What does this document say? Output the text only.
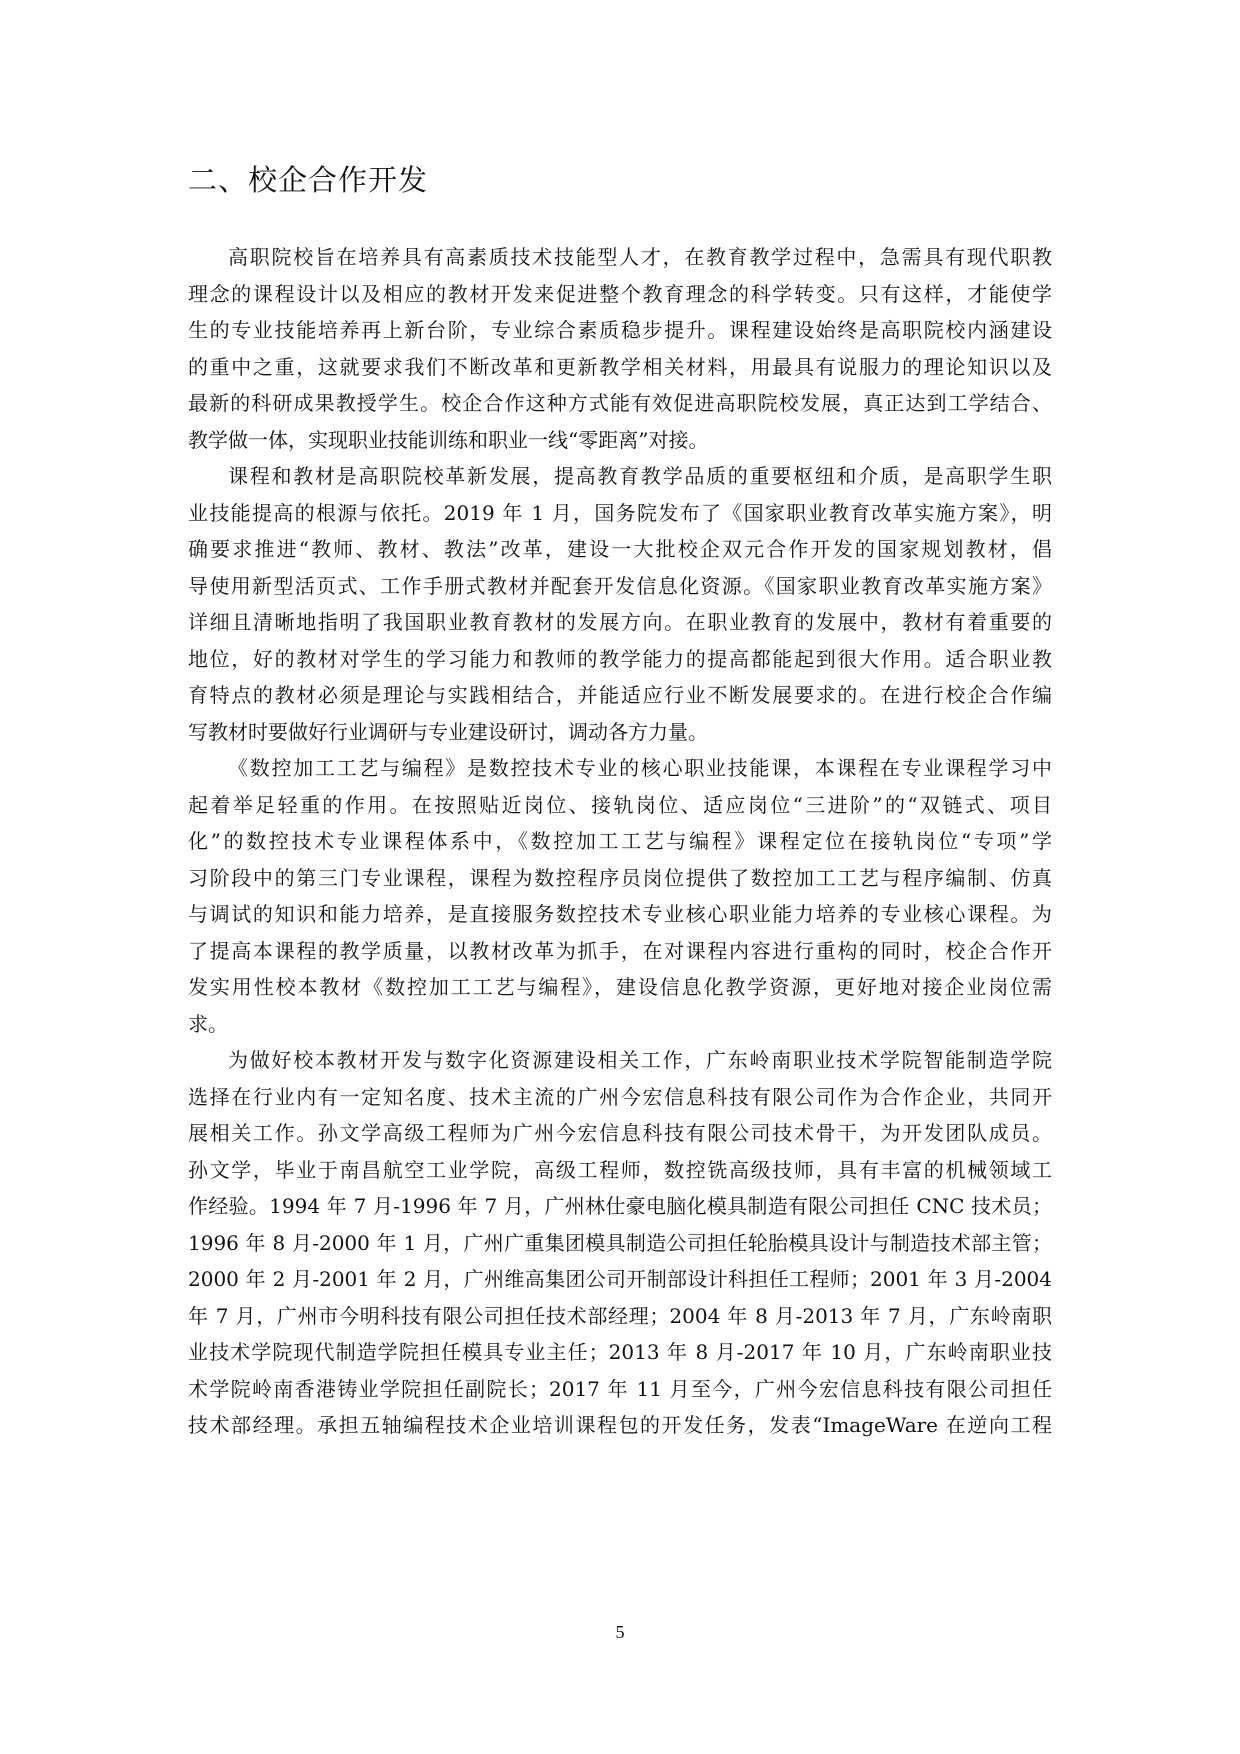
二、校企合作开发
高职院校旨在培养具有高素质技术技能型人才，在教育教学过程中，急需具有现代职教
理念的课程设计以及相应的教材开发来促进整个教育理念的科学转变。只有这样，才能使学
生的专业技能培养再上新台阶，专业综合素质稳步提升。课程建设始终是高职院校内涵建设
的重中之重，这就要求我们不断改革和更新教学相关材料，用最具有说服力的理论知识以及
最新的科研成果教授学生。校企合作这种方式能有效促进高职院校发展，真正达到工学结合、
教学做一体，实现职业技能训练和职业一线“零距离”对接。
课程和教材是高职院校革新发展，提高教育教学品质的重要枢纽和介质，是高职学生职
业技能提高的根源与依托。2019 年 1 月，国务院发布了《国家职业教育改革实施方案》，明
确要求推进“教师、教材、教法”改革，建设一大批校企双元合作开发的国家规划教材，倡
导使用新型活页式、工作手册式教材并配套开发信息化资源。《国家职业教育改革实施方案》
详细且清晰地指明了我国职业教育教材的发展方向。在职业教育的发展中，教材有着重要的
地位，好的教材对学生的学习能力和教师的教学能力的提高都能起到很大作用。适合职业教
育特点的教材必须是理论与实践相结合，并能适应行业不断发展要求的。在进行校企合作编
写教材时要做好行业调研与专业建设研讨，调动各方力量。
《数控加工工艺与编程》是数控技术专业的核心职业技能课，本课程在专业课程学习中
起着举足轻重的作用。在按照贴近岗位、接轨岗位、适应岗位“三进阶”的“双链式、项目
化”的数控技术专业课程体系中，《数控加工工艺与编程》课程定位在接轨岗位“专项”学
习阶段中的第三门专业课程，课程为数控程序员岗位提供了数控加工工艺与程序编制、仿真
与调试的知识和能力培养，是直接服务数控技术专业核心职业能力培养的专业核心课程。为
了提高本课程的教学质量，以教材改革为抓手，在对课程内容进行重构的同时，校企合作开
发实用性校本教材《数控加工工艺与编程》，建设信息化教学资源，更好地对接企业岗位需
求。
为做好校本教材开发与数字化资源建设相关工作，广东岭南职业技术学院智能制造学院
选择在行业内有一定知名度、技术主流的广州今宏信息科技有限公司作为合作企业，共同开
展相关工作。孙文学高级工程师为广州今宏信息科技有限公司技术骨干，为开发团队成员。
孙文学，毕业于南昌航空工业学院，高级工程师，数控铣高级技师，具有丰富的机械领域工
作经验。1994 年 7 月-1996 年 7 月，广州林仕豪电脑化模具制造有限公司担任 CNC 技术员；
1996 年 8 月-2000 年 1 月，广州广重集团模具制造公司担任轮胎模具设计与制造技术部主管；
2000 年 2 月-2001 年 2 月，广州维高集团公司开制部设计科担任工程师；2001 年 3 月-2004
年 7 月，广州市今明科技有限公司担任技术部经理；2004 年 8 月-2013 年 7 月，广东岭南职
业技术学院现代制造学院担任模具专业主任；2013 年 8 月-2017 年 10 月，广东岭南职业技
术学院岭南香港铸业学院担任副院长；2017 年 11 月至今，广州今宏信息科技有限公司担任
技术部经理。承担五轴编程技术企业培训课程包的开发任务，发表“ImageWare 在逆向工程
5
